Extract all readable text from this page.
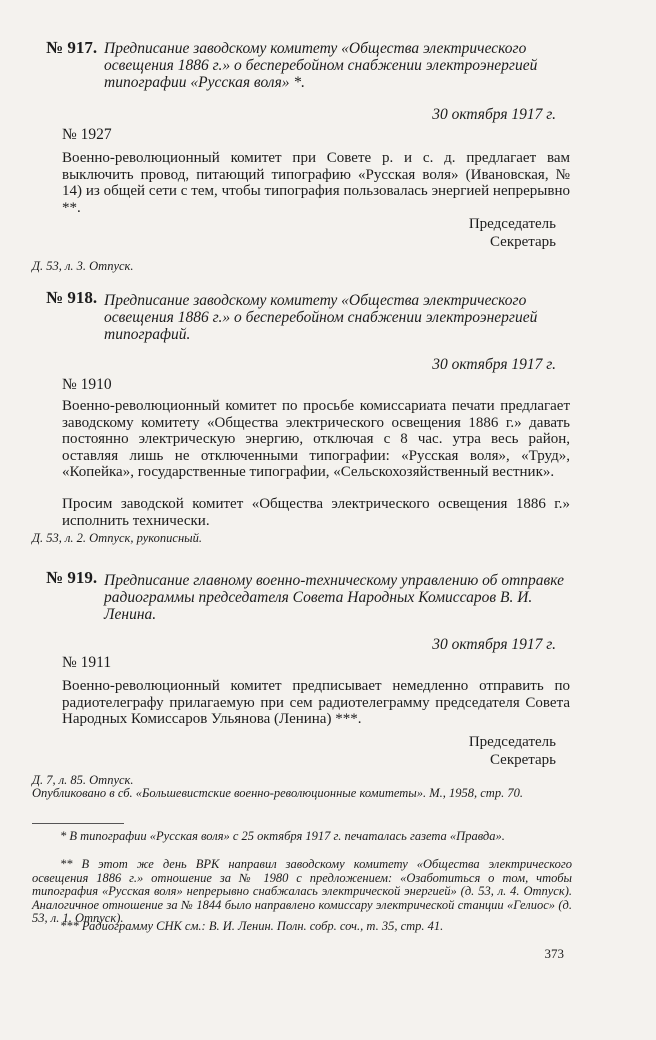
№ 917. Предписание заводскому комитету «Общества электрического освещения 1886 г.» о бесперебойном снабжении электроэнергией типографии «Русская воля» *.
30 октября 1917 г.
№ 1927
Военно-революционный комитет при Совете р. и с. д. предлагает вам выключить провод, питающий типографию «Русская воля» (Ивановская, № 14) из общей сети с тем, чтобы типография пользовалась энергией непрерывно **.
Председатель
Секретарь
Д. 53, л. 3. Отпуск.
№ 918. Предписание заводскому комитету «Общества электрического освещения 1886 г.» о бесперебойном снабжении электроэнергией типографий.
30 октября 1917 г.
№ 1910
Военно-революционный комитет по просьбе комиссариата печати предлагает заводскому комитету «Общества электрического освещения 1886 г.» давать постоянно электрическую энергию, отключая с 8 час. утра весь район, оставляя лишь не отключенными типографии: «Русская воля», «Труд», «Копейка», государственные типографии, «Сельскохозяйственный вестник».
Просим заводской комитет «Общества электрического освещения 1886 г.» исполнить технически.
Д. 53, л. 2. Отпуск, рукописный.
№ 919. Предписание главному военно-техническому управлению об отправке радиограммы председателя Совета Народных Комиссаров В. И. Ленина.
30 октября 1917 г.
№ 1911
Военно-революционный комитет предписывает немедленно отправить по радиотелеграфу прилагаемую при сем радиотелеграмму председателя Совета Народных Комиссаров Ульянова (Ленина) ***.
Председатель
Секретарь
Д. 7, л. 85. Отпуск.
Опубликовано в сб. «Большевистские военно-революционные комитеты». М., 1958, стр. 70.
* В типографии «Русская воля» с 25 октября 1917 г. печаталась газета «Правда».
** В этот же день ВРК направил заводскому комитету «Общества электрического освещения 1886 г.» отношение за № 1980 с предложением: «Озаботиться о том, чтобы типография «Русская воля» непрерывно снабжалась электрической энергией» (д. 53, л. 4. Отпуск). Аналогичное отношение за № 1844 было направлено комиссару электрической станции «Гелиос» (д. 53, л. 1. Отпуск).
*** Радиограмму СНК см.: В. И. Ленин. Полн. собр. соч., т. 35, стр. 41.
373
